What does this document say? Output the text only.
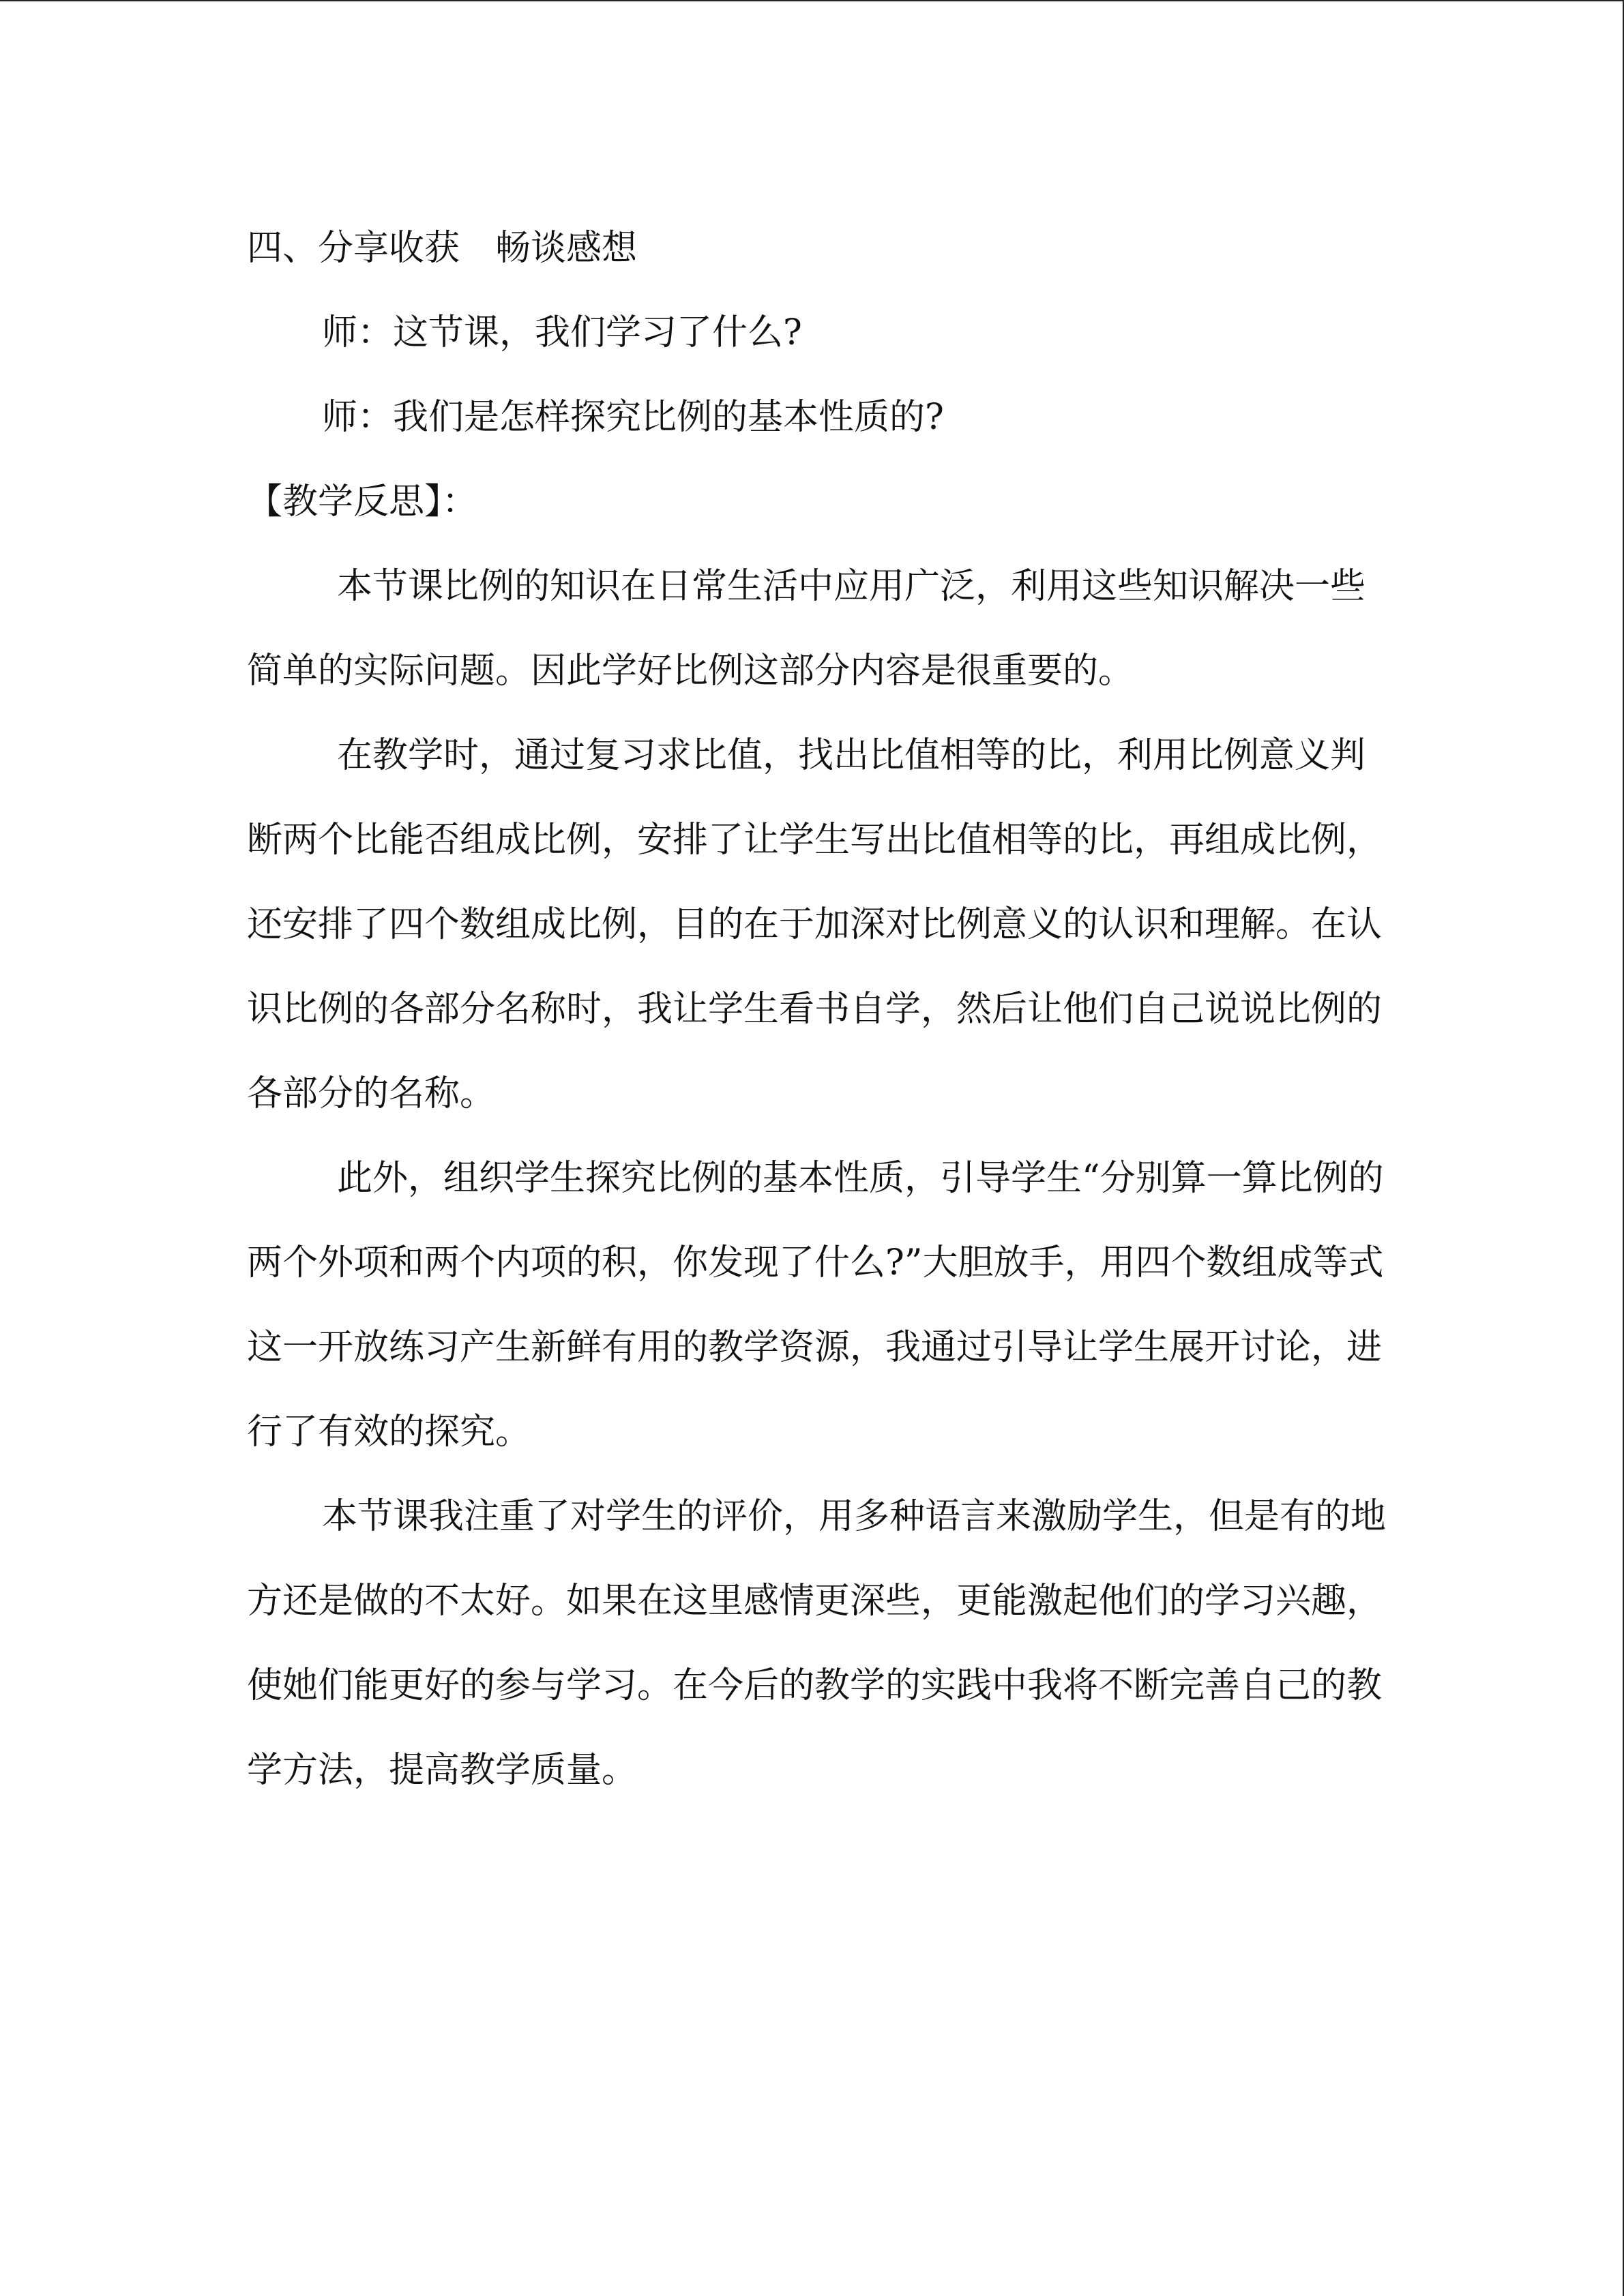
四、分享收获　畅谈感想

师：这节课，我们学习了什么?

师：我们是怎样探究比例的基本性质的?

【教学反思】：

本节课比例的知识在日常生活中应用广泛，利用这些知识解决一些简单的实际问题。因此学好比例这部分内容是很重要的。

在教学时，通过复习求比值，找出比值相等的比，利用比例意义判断两个比能否组成比例，安排了让学生写出比值相等的比，再组成比例，还安排了四个数组成比例，目的在于加深对比例意义的认识和理解。在认识比例的各部分名称时，我让学生看书自学，然后让他们自己说说比例的各部分的名称。

此外，组织学生探究比例的基本性质，引导学生“分别算一算比例的两个外项和两个内项的积，你发现了什么?”大胆放手，用四个数组成等式这一开放练习产生新鲜有用的教学资源，我通过引导让学生展开讨论，进行了有效的探究。

本节课我注重了对学生的评价，用多种语言来激励学生，但是有的地方还是做的不太好。如果在这里感情更深些，更能激起他们的学习兴趣，使她们能更好的参与学习。在今后的教学的实践中我将不断完善自己的教学方法，提高教学质量。
